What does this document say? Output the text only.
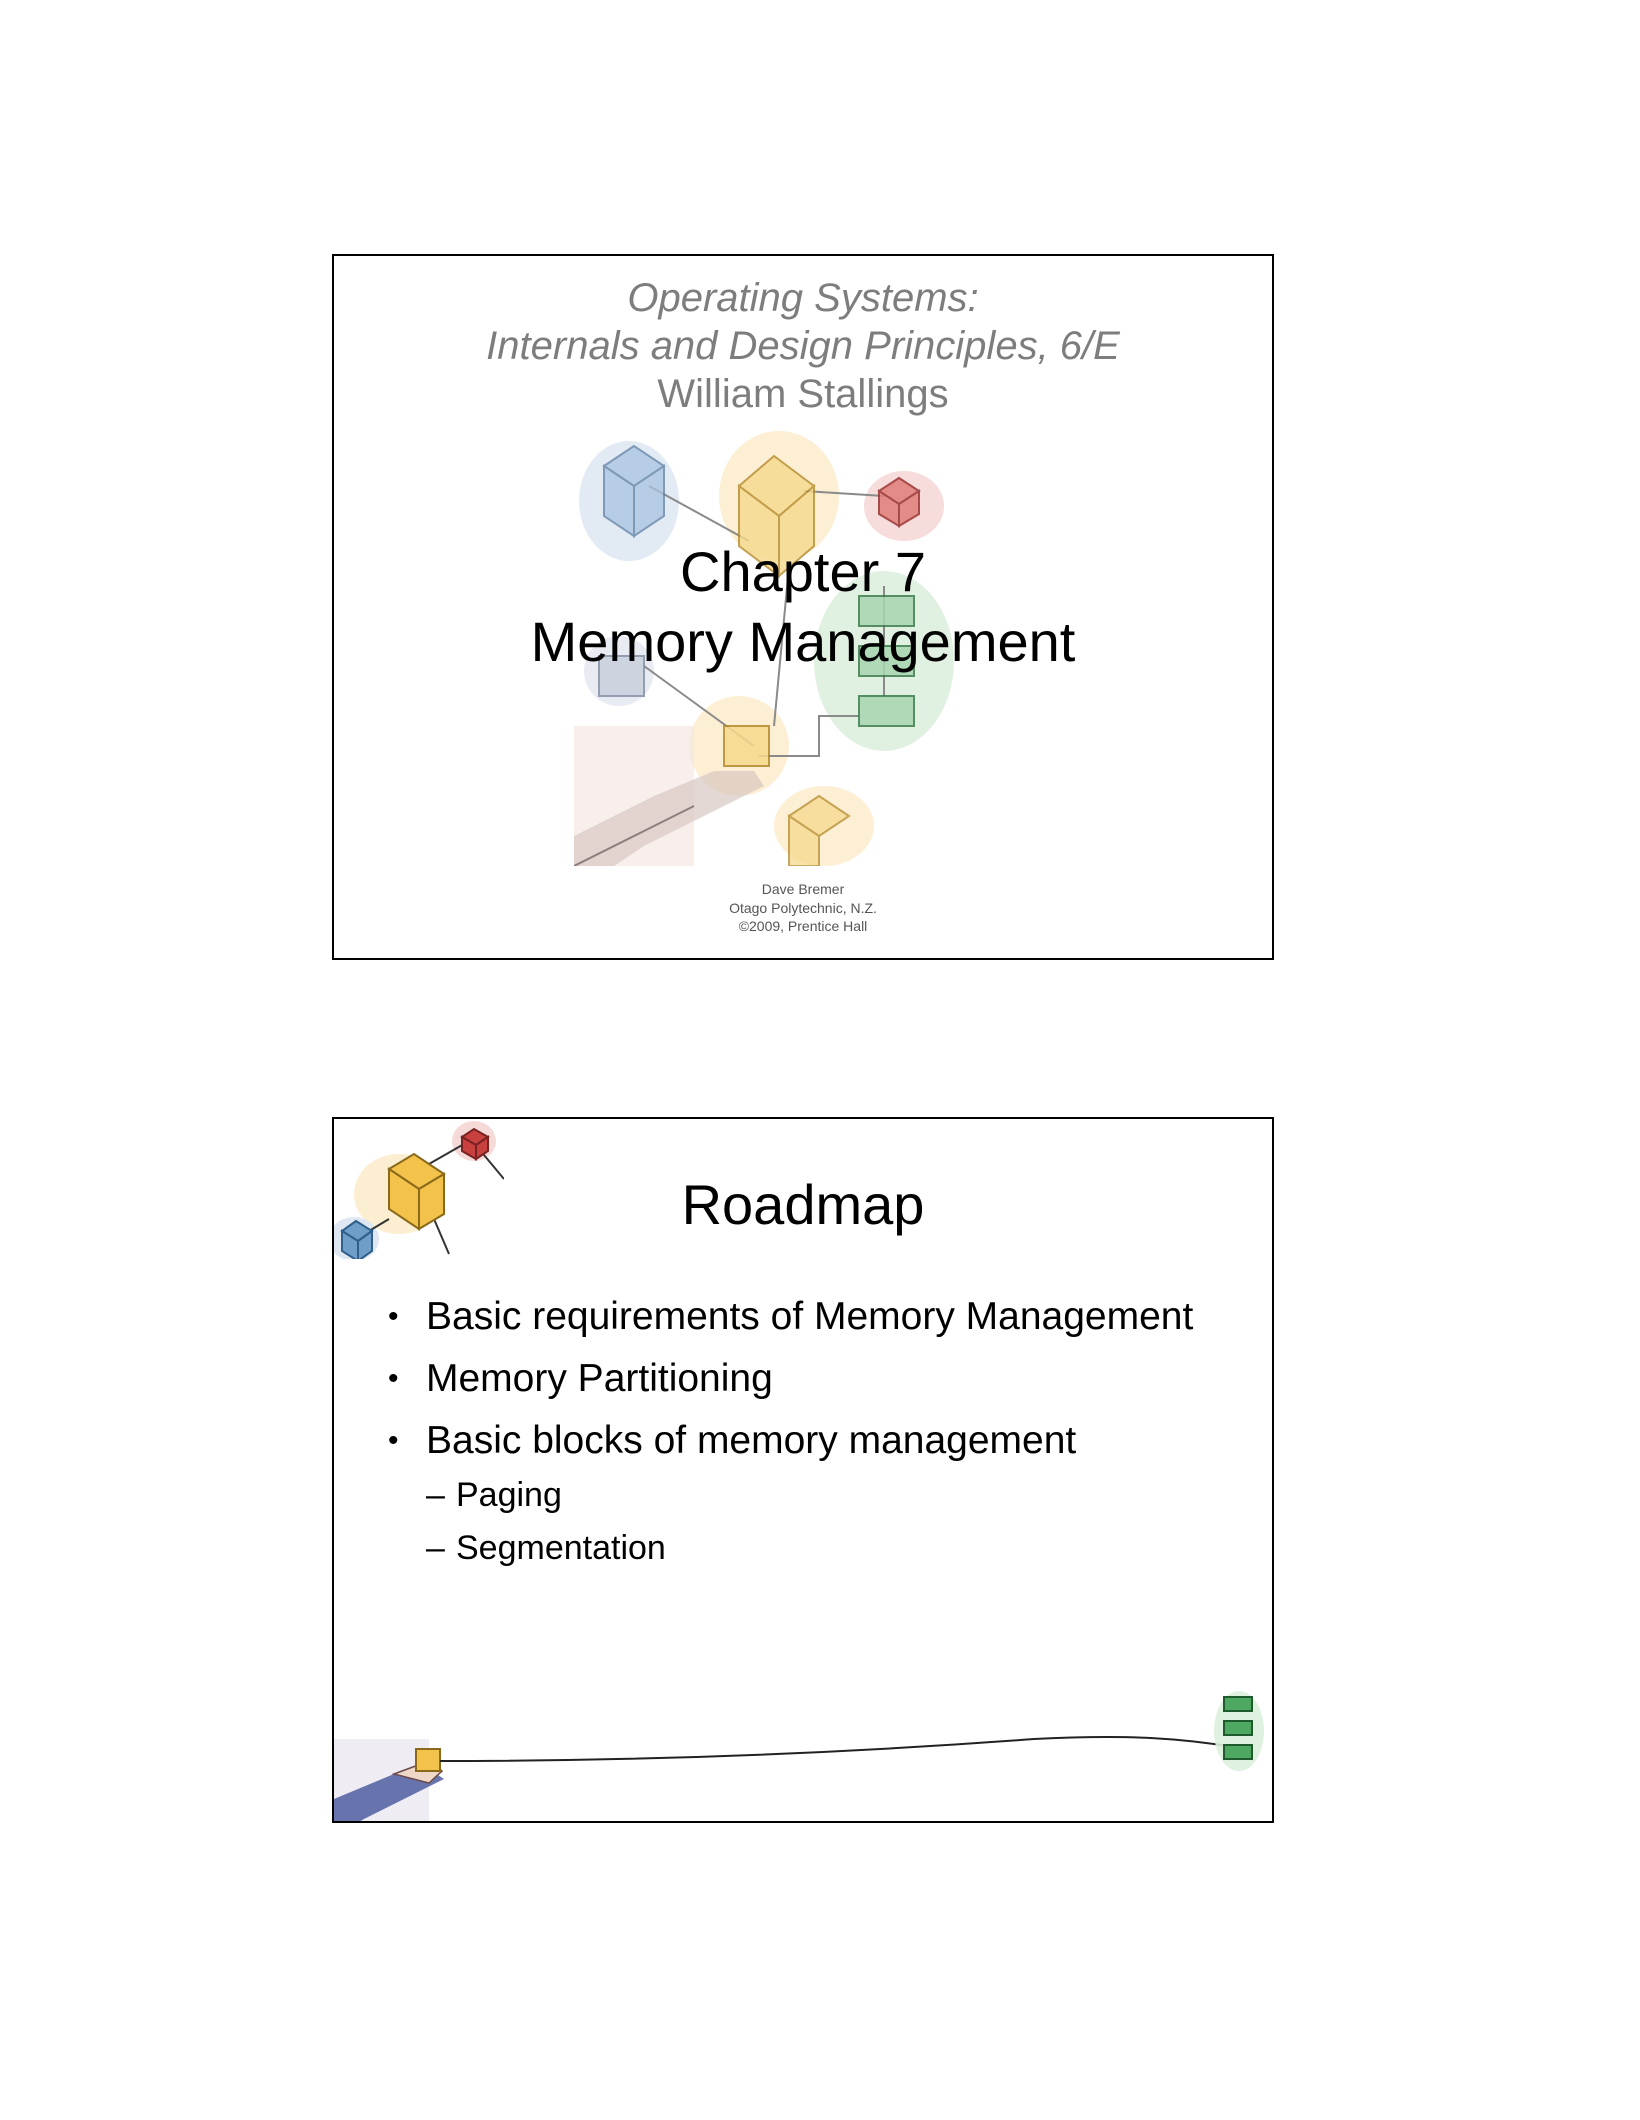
Operating Systems:
Internals and Design Principles, 6/E
William Stallings
Chapter 7
Memory Management
Dave Bremer
Otago Polytechnic, N.Z.
©2009, Prentice Hall
Roadmap
• Basic requirements of Memory Management
• Memory Partitioning
• Basic blocks of memory management
– Paging
– Segmentation
